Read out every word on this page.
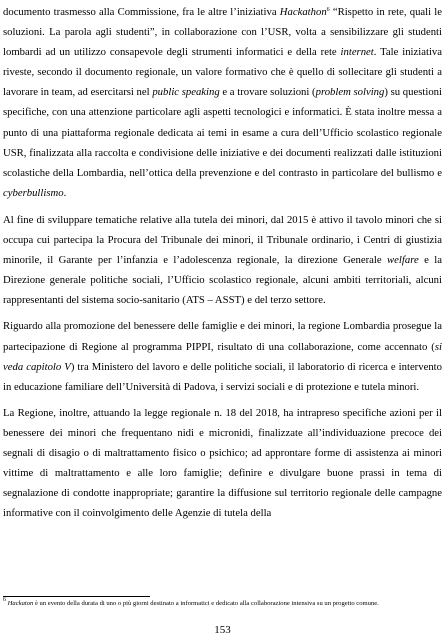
documento trasmesso alla Commissione, fra le altre l’iniziativa Hackathon$^6$ “Rispetto in rete, quali le soluzioni. La parola agli studenti”, in collaborazione con l’USR, volta a sensibilizzare gli studenti lombardi ad un utilizzo consapevole degli strumenti informatici e della rete internet. Tale iniziativa riveste, secondo il documento regionale, un valore formativo che è quello di sollecitare gli studenti a lavorare in team, ad esercitarsi nel public speaking e a trovare soluzioni (problem solving) su questioni specifiche, con una attenzione particolare agli aspetti tecnologici e informatici. È stata inoltre messa a punto di una piattaforma regionale dedicata ai temi in esame a cura dell’Ufficio scolastico regionale USR, finalizzata alla raccolta e condivisione delle iniziative e dei documenti realizzati dalle istituzioni scolastiche della Lombardia, nell’ottica della prevenzione e del contrasto in particolare del bullismo e cyberbullismo.

Al fine di sviluppare tematiche relative alla tutela dei minori, dal 2015 è attivo il tavolo minori che si occupa cui partecipa la Procura del Tribunale dei minori, il Tribunale ordinario, i Centri di giustizia minorile, il Garante per l’infanzia e l’adolescenza regionale, la direzione Generale welfare e la Direzione generale politiche sociali, l’Ufficio scolastico regionale, alcuni ambiti territoriali, alcuni rappresentanti del sistema socio-sanitario (ATS – ASST) e del terzo settore.

Riguardo alla promozione del benessere delle famiglie e dei minori, la regione Lombardia prosegue la partecipazione di Regione al programma PIPPI, risultato di una collaborazione, come accennato (si veda capitolo V) tra Ministero del lavoro e delle politiche sociali, il laboratorio di ricerca e intervento in educazione familiare dell’Università di Padova, i servizi sociali e di protezione e tutela minori.

La Regione, inoltre, attuando la legge regionale n. 18 del 2018, ha intrapreso specifiche azioni per il benessere dei minori che frequentano nidi e micronidi, finalizzate all’individuazione precoce dei segnali di disagio o di maltrattamento fisico o psichico; ad approntare forme di assistenza ai minori vittime di maltrattamento e alle loro famiglie; definire e divulgare buone prassi in tema di segnalazione di condotte inappropriate; garantire la diffusione sul territorio regionale delle campagne informative con il coinvolgimento delle Agenzie di tutela della

$^6$ Hackaton è un evento della durata di uno o più giorni destinato a informatici e dedicato alla collaborazione intensiva su un progetto comune.

153
